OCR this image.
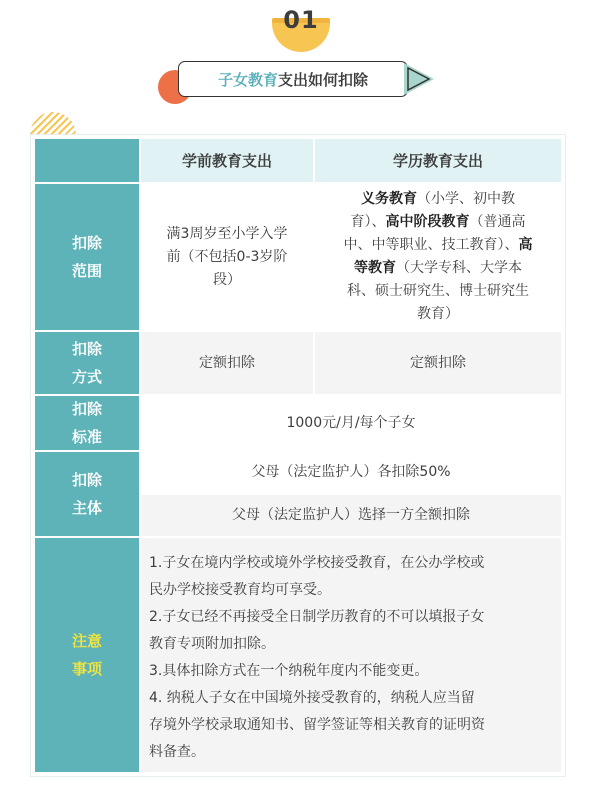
01
子女教育 支出如何扣除
学前教育支出	学历教育支出
扣除
范围
满3周岁至小学入学
前（不包括0-3岁阶
段）
义务教育（小学、初中教
育）、高中阶段教育（普通高
中、中等职业、技工教育）、高
等教育（大学专科、大学本
科、硕士研究生、博士研究生
教育）
扣除
方式
定额扣除	定额扣除
扣除
标准
1000元/月/每个子女
扣除
主体
父母（法定监护人）各扣除50%
父母（法定监护人）选择一方全额扣除
注意
事项

1.子女在境内学校或境外学校接受教育，在公办学校或

民办学校接受教育均可享受。

2.子女已经不再接受全日制学历教育的不可以填报子女

教育专项附加扣除。

3.具体扣除方式在一个纳税年度内不能变更。

4. 纳税人子女在中国境外接受教育的，纳税人应当留

存境外学校录取通知书、留学签证等相关教育的证明资

料备查。
